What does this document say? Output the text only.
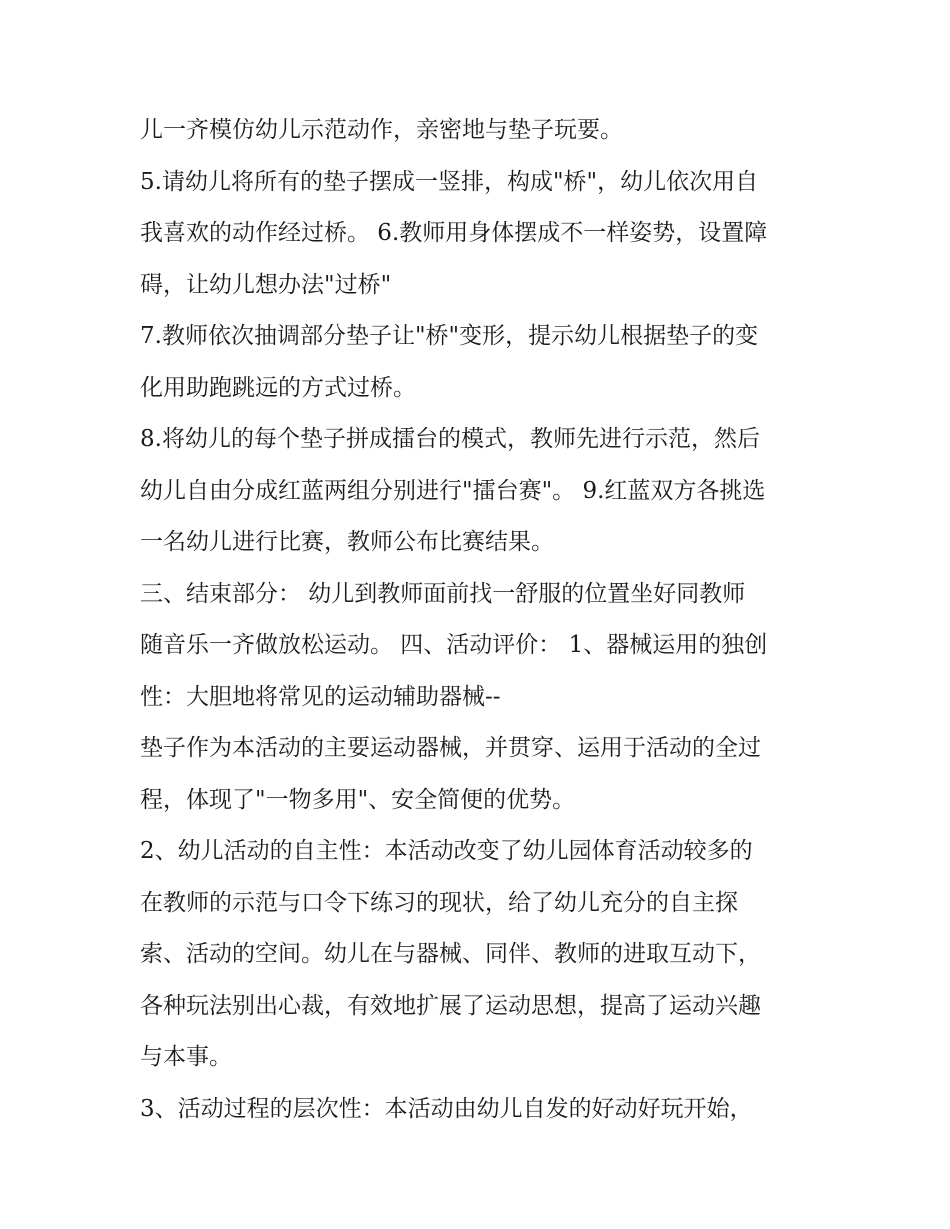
儿一齐模仿幼儿示范动作，亲密地与垫子玩要。
5.请幼儿将所有的垫子摆成一竖排，构成"桥"，幼儿依次用自
我喜欢的动作经过桥。 6.教师用身体摆成不一样姿势，设置障
碍，让幼儿想办法"过桥"
7.教师依次抽调部分垫子让"桥"变形，提示幼儿根据垫子的变
化用助跑跳远的方式过桥。
8.将幼儿的每个垫子拼成擂台的模式，教师先进行示范，然后
幼儿自由分成红蓝两组分别进行"擂台赛"。 9.红蓝双方各挑选
一名幼儿进行比赛，教师公布比赛结果。
三、结束部分： 幼儿到教师面前找一舒服的位置坐好同教师
随音乐一齐做放松运动。 四、活动评价： 1、器械运用的独创
性：大胆地将常见的运动辅助器械--
垫子作为本活动的主要运动器械，并贯穿、运用于活动的全过
程，体现了"一物多用"、安全简便的优势。
2、幼儿活动的自主性：本活动改变了幼儿园体育活动较多的
在教师的示范与口令下练习的现状，给了幼儿充分的自主探
索、活动的空间。幼儿在与器械、同伴、教师的进取互动下，
各种玩法别出心裁，有效地扩展了运动思想，提高了运动兴趣
与本事。
3、活动过程的层次性：本活动由幼儿自发的好动好玩开始，
